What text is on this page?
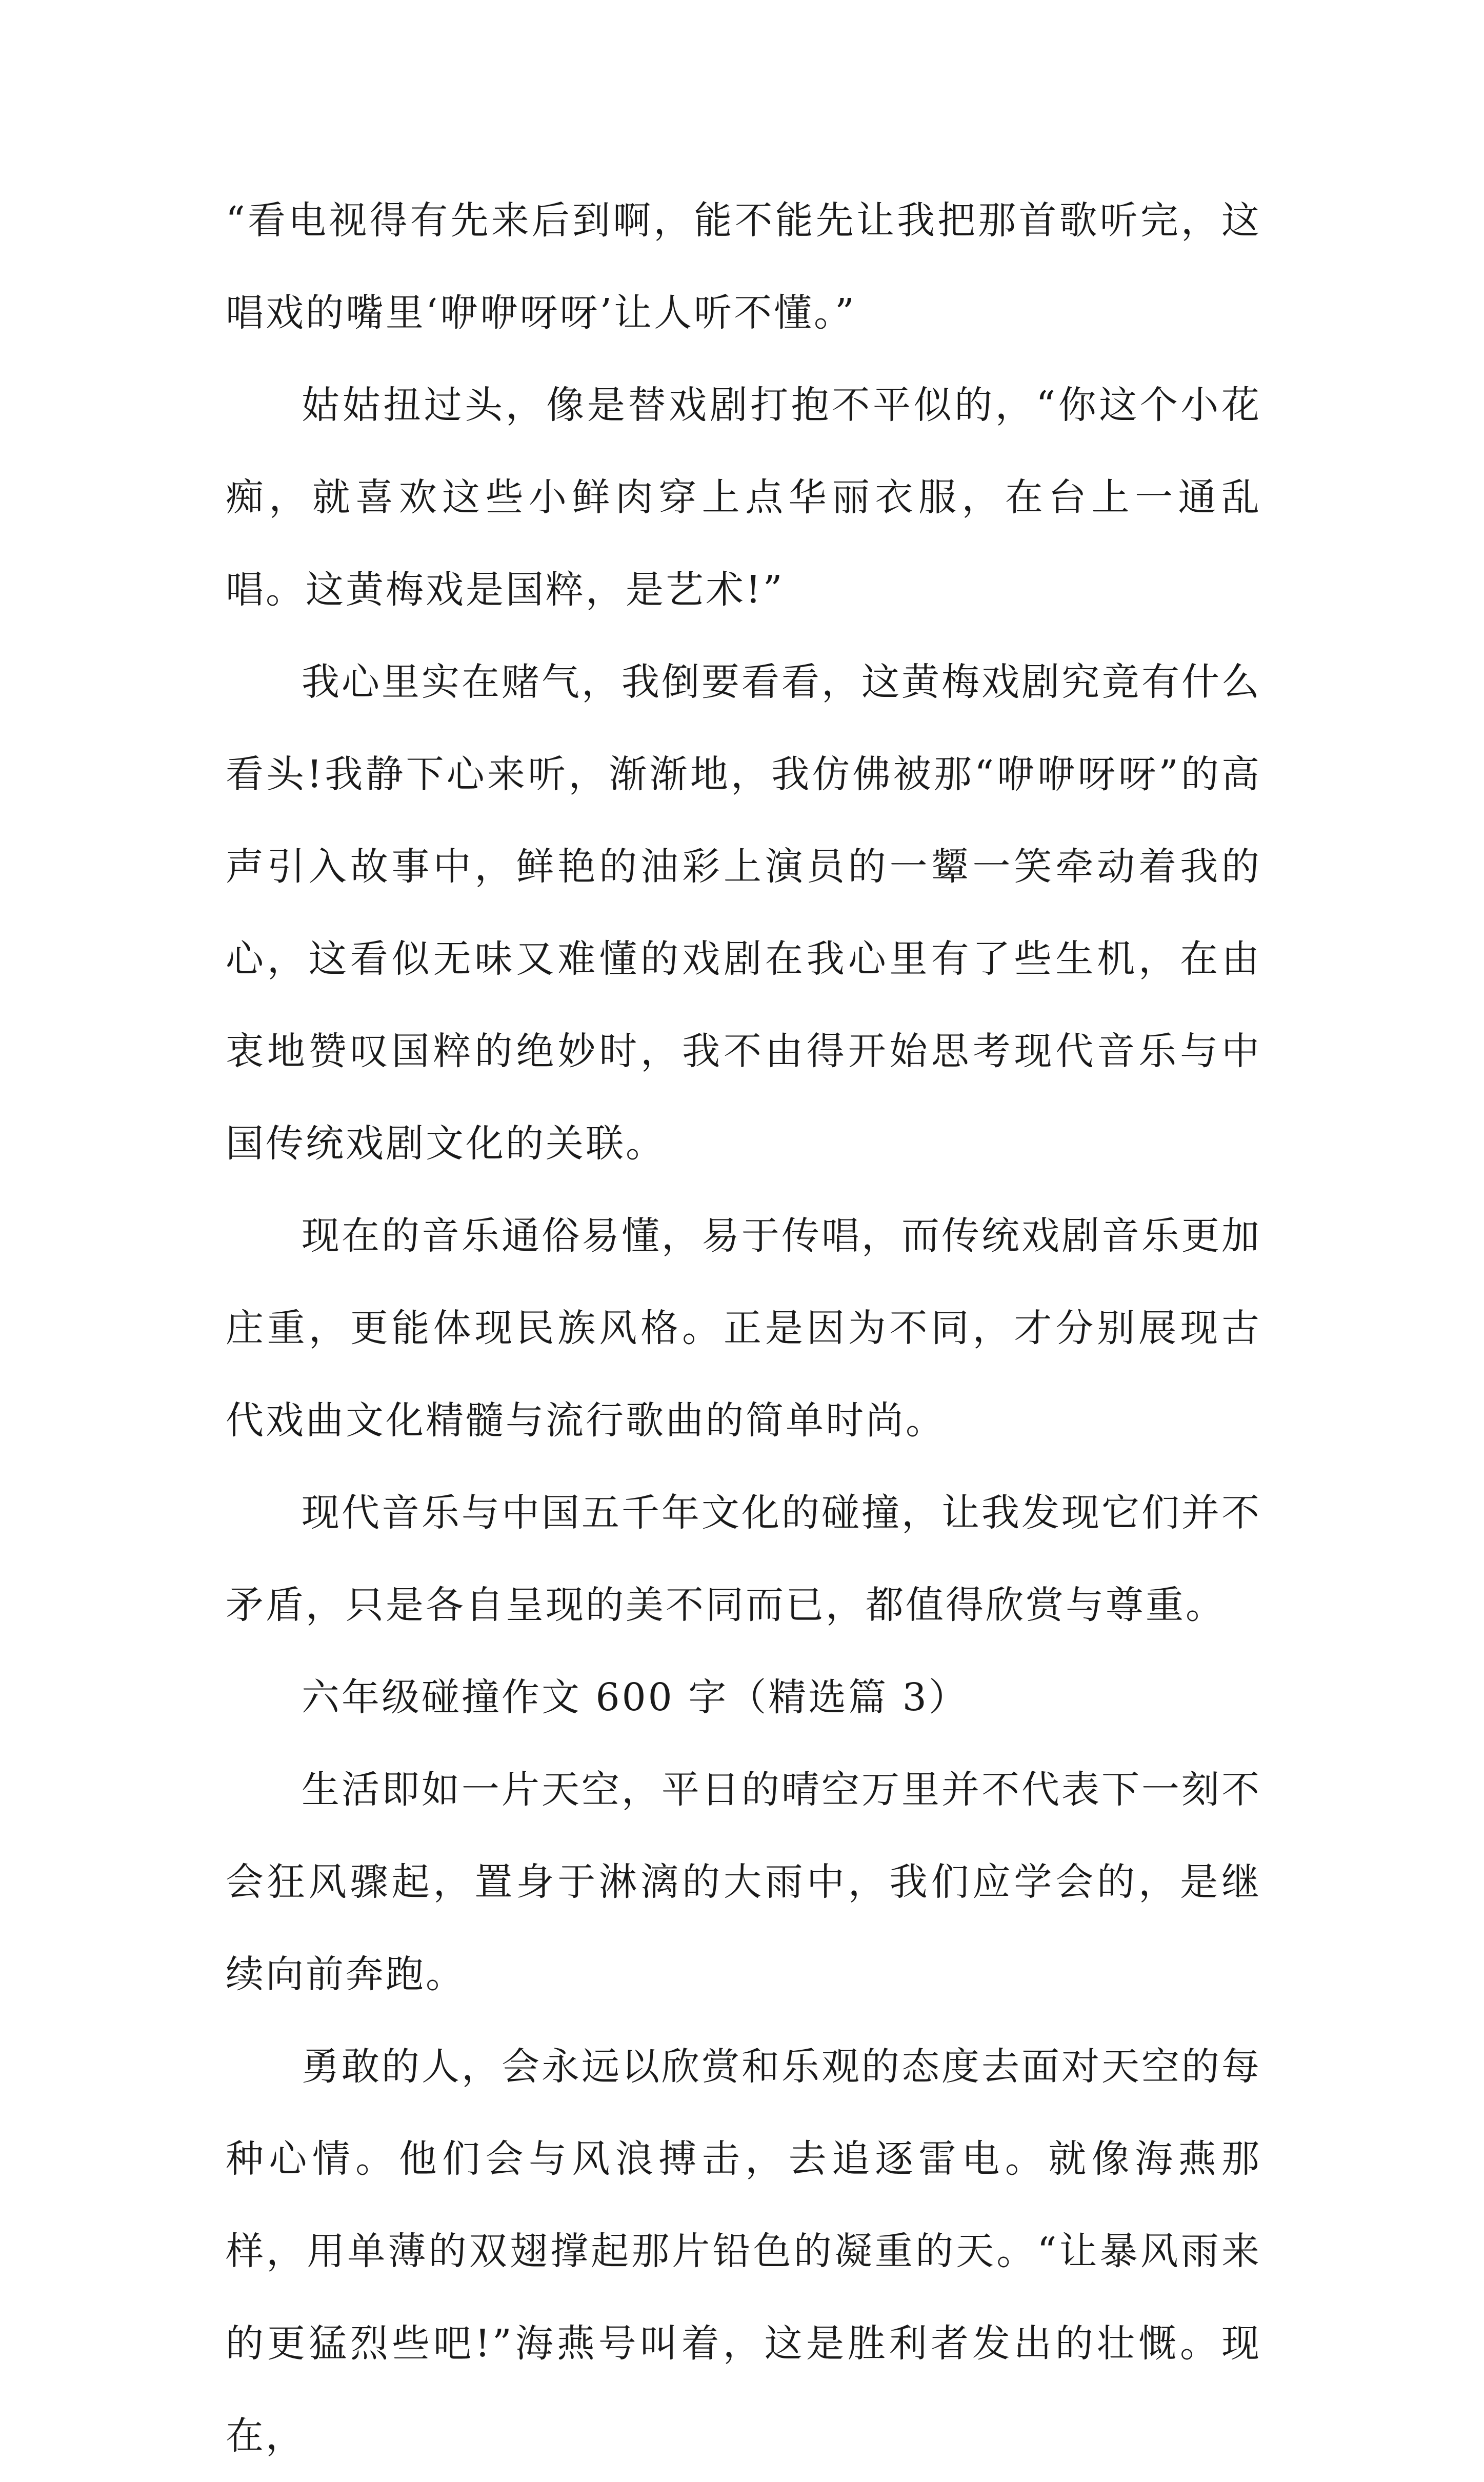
“看电视得有先来后到啊，能不能先让我把那首歌听完，这唱戏的嘴里‘咿咿呀呀’让人听不懂。”

姑姑扭过头，像是替戏剧打抱不平似的，“你这个小花痴，就喜欢这些小鲜肉穿上点华丽衣服，在台上一通乱唱。这黄梅戏是国粹，是艺术!”

我心里实在赌气，我倒要看看，这黄梅戏剧究竟有什么看头!我静下心来听，渐渐地，我仿佛被那“咿咿呀呀”的高声引入故事中，鲜艳的油彩上演员的一颦一笑牵动着我的心，这看似无味又难懂的戏剧在我心里有了些生机，在由衷地赞叹国粹的绝妙时，我不由得开始思考现代音乐与中国传统戏剧文化的关联。

现在的音乐通俗易懂，易于传唱，而传统戏剧音乐更加庄重，更能体现民族风格。正是因为不同，才分别展现古代戏曲文化精髓与流行歌曲的简单时尚。

现代音乐与中国五千年文化的碰撞，让我发现它们并不矛盾，只是各自呈现的美不同而已，都值得欣赏与尊重。

六年级碰撞作文 600 字（精选篇 3）

生活即如一片天空，平日的晴空万里并不代表下一刻不会狂风骤起，置身于淋漓的大雨中，我们应学会的，是继续向前奔跑。

勇敢的人，会永远以欣赏和乐观的态度去面对天空的每种心情。他们会与风浪搏击，去追逐雷电。就像海燕那样，用单薄的双翅撑起那片铅色的凝重的天。“让暴风雨来的更猛烈些吧!”海燕号叫着，这是胜利者发出的壮慨。现在，
